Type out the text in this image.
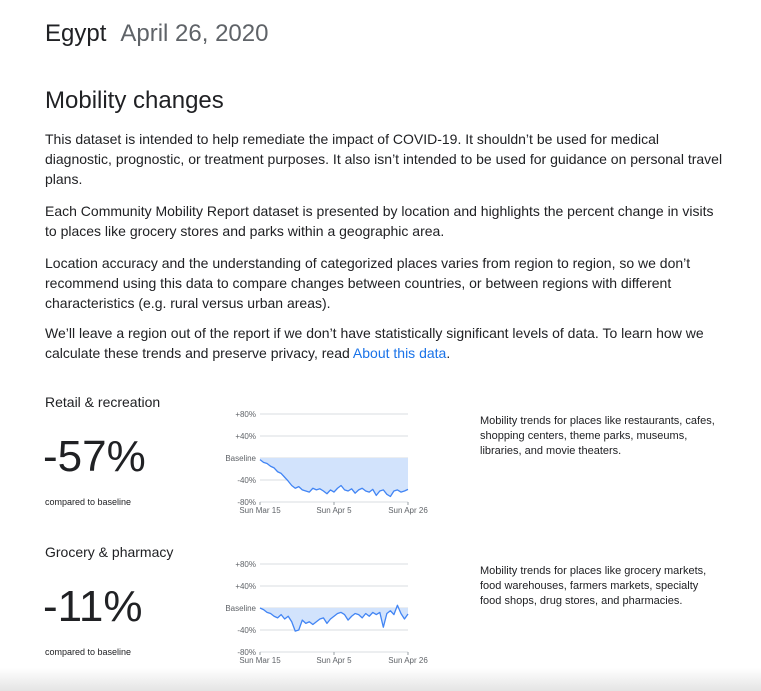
Egypt April 26, 2020
Mobility changes

This dataset is intended to help remediate the impact of COVID-19. It shouldn’t be used for medical diagnostic, prognostic, or treatment purposes. It also isn’t intended to be used for guidance on personal travel plans.

Each Community Mobility Report dataset is presented by location and highlights the percent change in visits to places like grocery stores and parks within a geographic area.

Location accuracy and the understanding of categorized places varies from region to region, so we don’t recommend using this data to compare changes between countries, or between regions with different characteristics (e.g. rural versus urban areas).

We’ll leave a region out of the report if we don’t have statistically significant levels of data. To learn how we calculate these trends and preserve privacy, read About this data.

Retail & recreation
-57%
compared to baseline
+80%
+40%
Baseline
-40%
-80%
Sun Mar 15	Sun Apr 5	Sun Apr 26
Mobility trends for places like restaurants, cafes, shopping centers, theme parks, museums, libraries, and movie theaters.
Grocery & pharmacy
-11%
compared to baseline
+80%
+40%
Baseline
-40%
-80%
Sun Mar 15	Sun Apr 5	Sun Apr 26
Mobility trends for places like grocery markets, food warehouses, farmers markets, specialty food shops, drug stores, and pharmacies.
